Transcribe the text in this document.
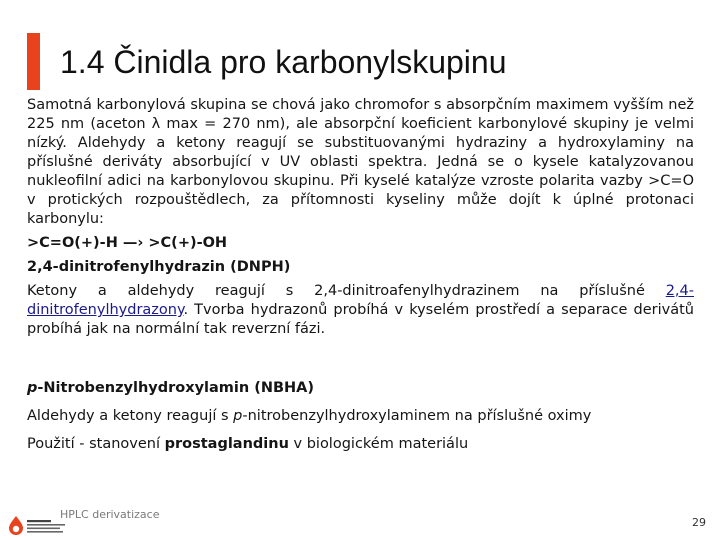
1.4 Činidla pro karbonylskupinu

Samotná karbonylová skupina se chová jako chromofor s absorpčním maximem vyšším než 225 nm (aceton λ max = 270 nm), ale absorpční koeficient karbonylové skupiny je velmi nízký. Aldehydy a ketony reagují se substituovanými hydraziny a hydroxylaminy na příslušné deriváty absorbující v UV oblasti spektra. Jedná se o kysele katalyzovanou nukleofilní adici na karbonylovou skupinu. Při kyselé katalýze vzroste polarita vazby >C=O v protických rozpouštědlech, za přítomnosti kyseliny může dojít k úplné protonaci karbonylu:

>C=O(+)-H —› >C(+)-OH

2,4-dinitrofenylhydrazin (DNPH)

Ketony a aldehydy reagují s 2,4-dinitroafenylhydrazinem na příslušné 2,4-dinitrofenylhydrazony. Tvorba hydrazonů probíhá v kyselém prostředí a separace derivátů probíhá jak na normální tak reverzní fázi.

p-Nitrobenzylhydroxylamin (NBHA)

Aldehydy a ketony reagují s p-nitrobenzylhydroxylaminem na příslušné oximy

Použití - stanovení prostaglandinu v biologickém materiálu

HPLC derivatizace
29
